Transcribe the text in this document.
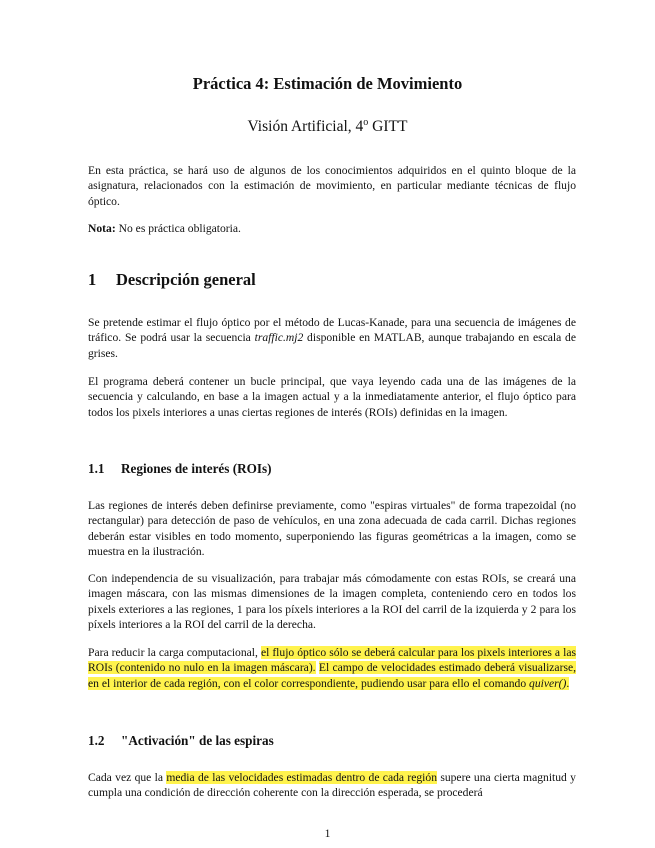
Práctica 4: Estimación de Movimiento
Visión Artificial, 4$^o$ GITT

En esta práctica, se hará uso de algunos de los conocimientos adquiridos en el quinto bloque de la asignatura, relacionados con la estimación de movimiento, en particular mediante técnicas de flujo óptico.

Nota: No es práctica obligatoria.

1 Descripción general

Se pretende estimar el flujo óptico por el método de Lucas-Kanade, para una secuencia de imágenes de tráfico. Se podrá usar la secuencia traffic.mj2 disponible en MATLAB, aunque trabajando en escala de grises.

El programa deberá contener un bucle principal, que vaya leyendo cada una de las imágenes de la secuencia y calculando, en base a la imagen actual y a la inmediatamente anterior, el flujo óptico para todos los pixels interiores a unas ciertas regiones de interés (ROIs) definidas en la imagen.

1.1 Regiones de interés (ROIs)

Las regiones de interés deben definirse previamente, como "espiras virtuales" de forma trapezoidal (no rectangular) para detección de paso de vehículos, en una zona adecuada de cada carril. Dichas regiones deberán estar visibles en todo momento, superponiendo las figuras geométricas a la imagen, como se muestra en la ilustración.

Con independencia de su visualización, para trabajar más cómodamente con estas ROIs, se creará una imagen máscara, con las mismas dimensiones de la imagen completa, conteniendo cero en todos los pixels exteriores a las regiones, 1 para los píxels interiores a la ROI del carril de la izquierda y 2 para los píxels interiores a la ROI del carril de la derecha.

Para reducir la carga computacional, el flujo óptico sólo se deberá calcular para los pixels interiores a las ROIs (contenido no nulo en la imagen máscara). El campo de velocidades estimado deberá visualizarse, en el interior de cada región, con el color correspondiente, pudiendo usar para ello el comando quiver().

1.2 "Activación" de las espiras

Cada vez que la media de las velocidades estimadas dentro de cada región supere una cierta magnitud y cumpla una condición de dirección coherente con la dirección esperada, se procederá

1
